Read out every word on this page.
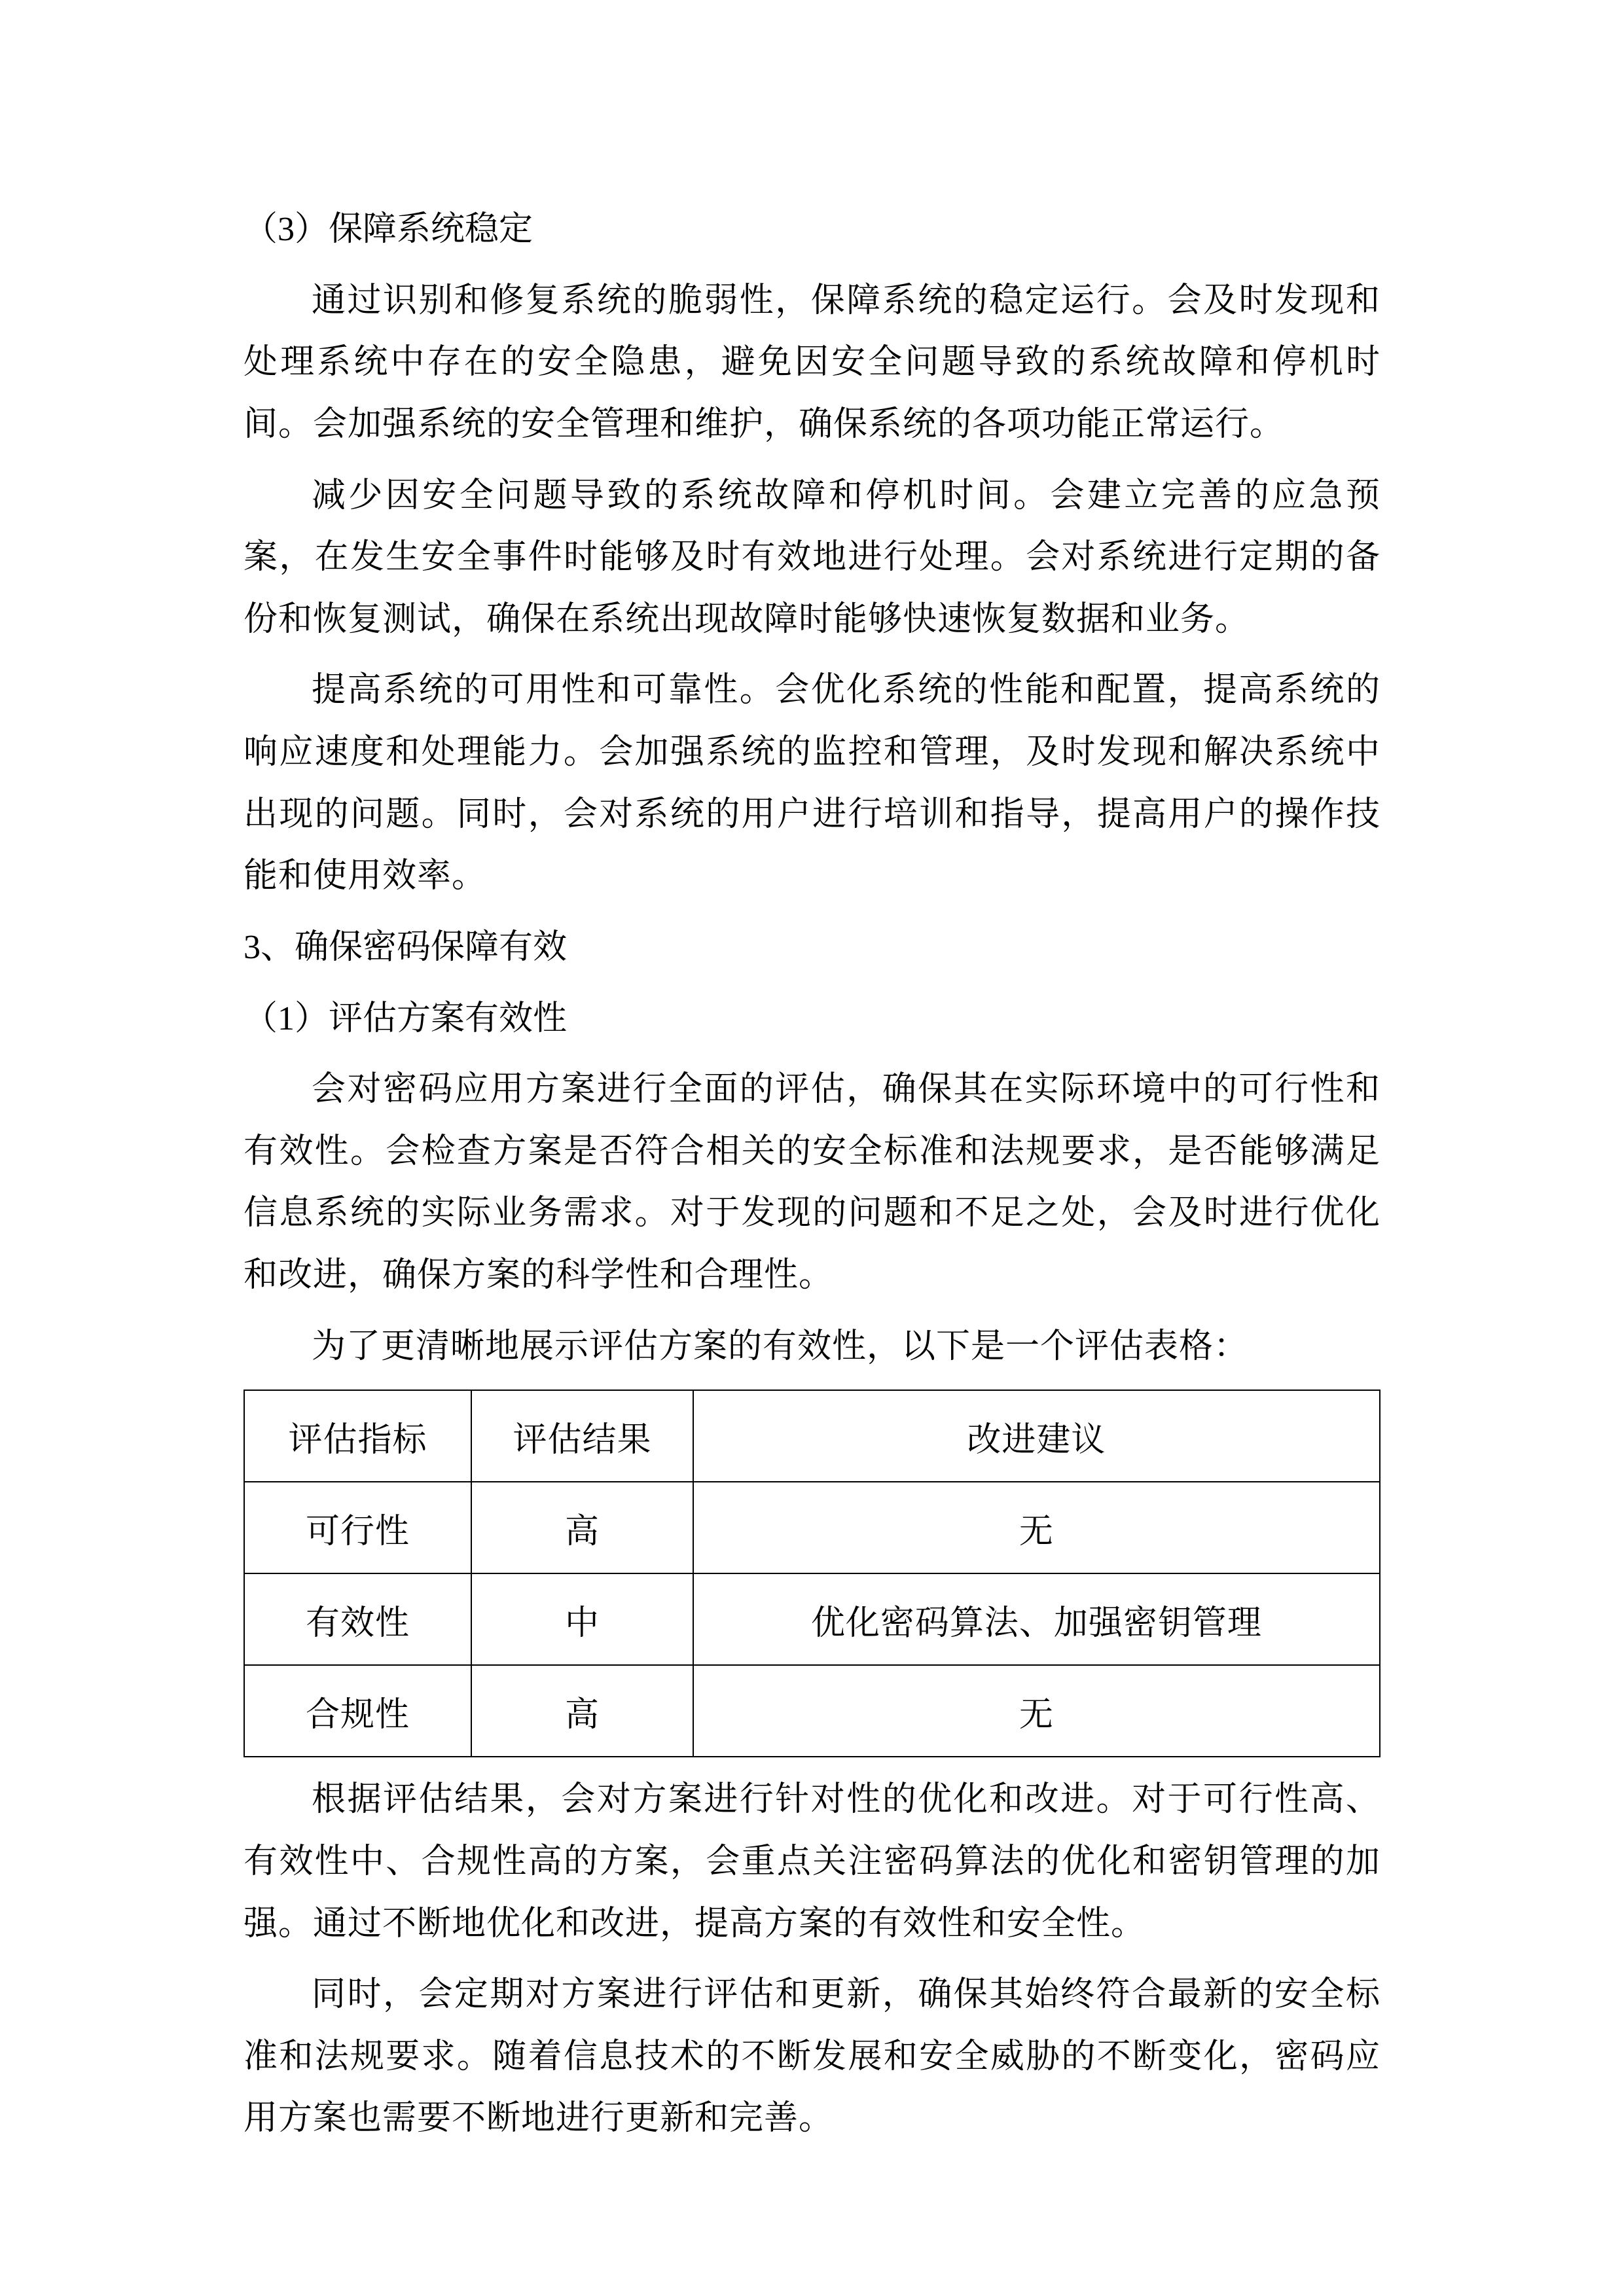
（3）保障系统稳定

通过识别和修复系统的脆弱性，保障系统的稳定运行。会及时发现和处理系统中存在的安全隐患，避免因安全问题导致的系统故障和停机时间。会加强系统的安全管理和维护，确保系统的各项功能正常运行。

减少因安全问题导致的系统故障和停机时间。会建立完善的应急预案，在发生安全事件时能够及时有效地进行处理。会对系统进行定期的备份和恢复测试，确保在系统出现故障时能够快速恢复数据和业务。

提高系统的可用性和可靠性。会优化系统的性能和配置，提高系统的响应速度和处理能力。会加强系统的监控和管理，及时发现和解决系统中出现的问题。同时，会对系统的用户进行培训和指导，提高用户的操作技能和使用效率。

3、确保密码保障有效
（1）评估方案有效性

会对密码应用方案进行全面的评估，确保其在实际环境中的可行性和有效性。会检查方案是否符合相关的安全标准和法规要求，是否能够满足信息系统的实际业务需求。对于发现的问题和不足之处，会及时进行优化和改进，确保方案的科学性和合理性。

为了更清晰地展示评估方案的有效性，以下是一个评估表格：

评估指标	评估结果	改进建议
可行性	高	无
有效性	中	优化密码算法、加强密钥管理
合规性	高	无

根据评估结果，会对方案进行针对性的优化和改进。对于可行性高、有效性中、合规性高的方案，会重点关注密码算法的优化和密钥管理的加强。通过不断地优化和改进，提高方案的有效性和安全性。

同时，会定期对方案进行评估和更新，确保其始终符合最新的安全标准和法规要求。随着信息技术的不断发展和安全威胁的不断变化，密码应用方案也需要不断地进行更新和完善。
